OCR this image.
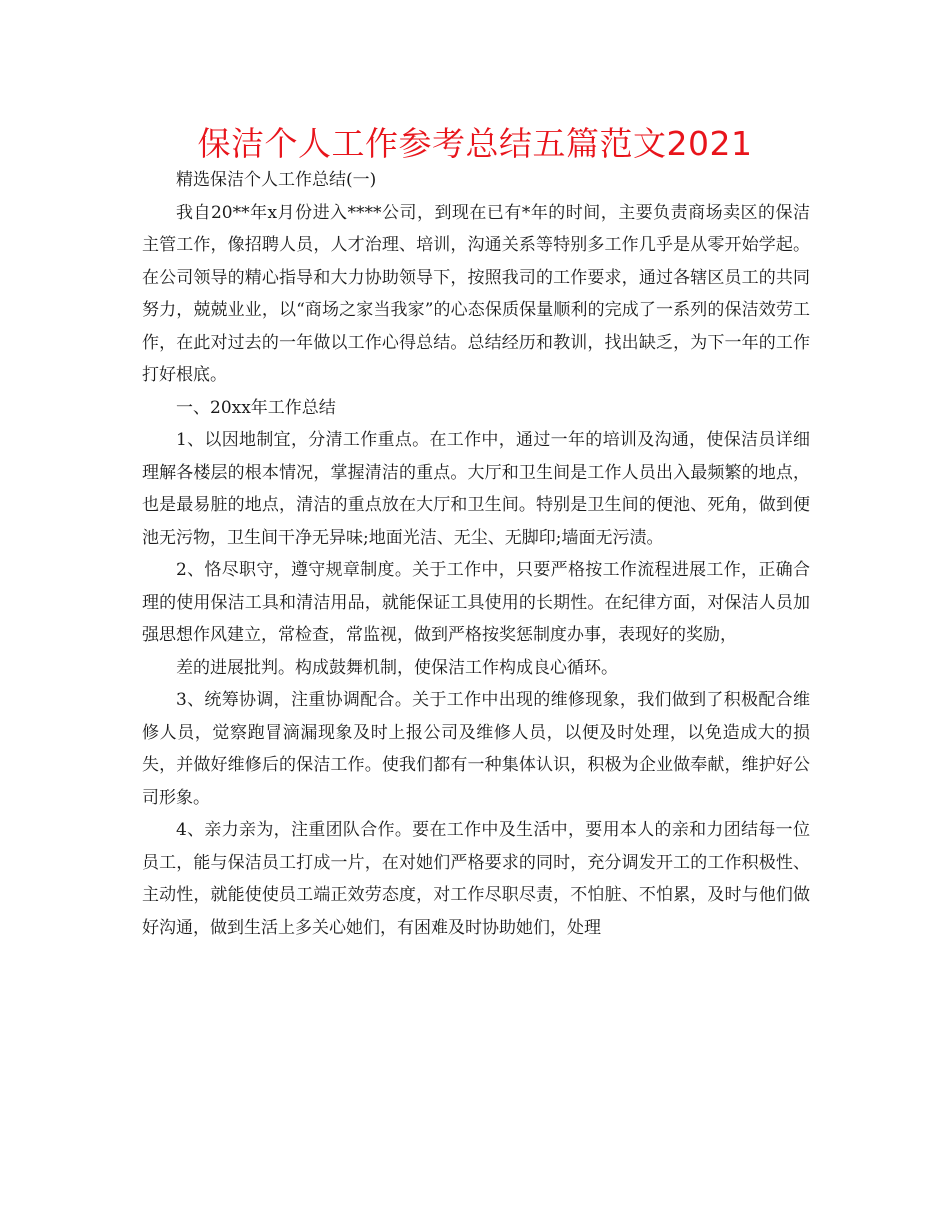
保洁个人工作参考总结五篇范文2021

精选保洁个人工作总结(一)

我自20**年x月份进入****公司，到现在已有*年的时间，主要负责商场卖区的保洁主管工作，像招聘人员，人才治理、培训，沟通关系等特别多工作几乎是从零开始学起。在公司领导的精心指导和大力协助领导下，按照我司的工作要求，通过各辖区员工的共同努力，兢兢业业，以“商场之家当我家”的心态保质保量顺利的完成了一系列的保洁效劳工作，在此对过去的一年做以工作心得总结。总结经历和教训，找出缺乏，为下一年的工作打好根底。

一、20xx年工作总结

1、以因地制宜，分清工作重点。在工作中，通过一年的培训及沟通，使保洁员详细理解各楼层的根本情况，掌握清洁的重点。大厅和卫生间是工作人员出入最频繁的地点，也是最易脏的地点，清洁的重点放在大厅和卫生间。特别是卫生间的便池、死角，做到便池无污物，卫生间干净无异味;地面光洁、无尘、无脚印;墙面无污渍。

2、恪尽职守，遵守规章制度。关于工作中，只要严格按工作流程进展工作，正确合理的使用保洁工具和清洁用品，就能保证工具使用的长期性。在纪律方面，对保洁人员加强思想作风建立，常检查，常监视，做到严格按奖惩制度办事，表现好的奖励，

差的进展批判。构成鼓舞机制，使保洁工作构成良心循环。

3、统筹协调，注重协调配合。关于工作中出现的维修现象，我们做到了积极配合维修人员，觉察跑冒滴漏现象及时上报公司及维修人员，以便及时处理，以免造成大的损失，并做好维修后的保洁工作。使我们都有一种集体认识，积极为企业做奉献，维护好公司形象。

4、亲力亲为，注重团队合作。要在工作中及生活中，要用本人的亲和力团结每一位员工，能与保洁员工打成一片，在对她们严格要求的同时，充分调发开工的工作积极性、主动性，就能使使员工端正效劳态度，对工作尽职尽责，不怕脏、不怕累，及时与他们做好沟通，做到生活上多关心她们，有困难及时协助她们，处理
